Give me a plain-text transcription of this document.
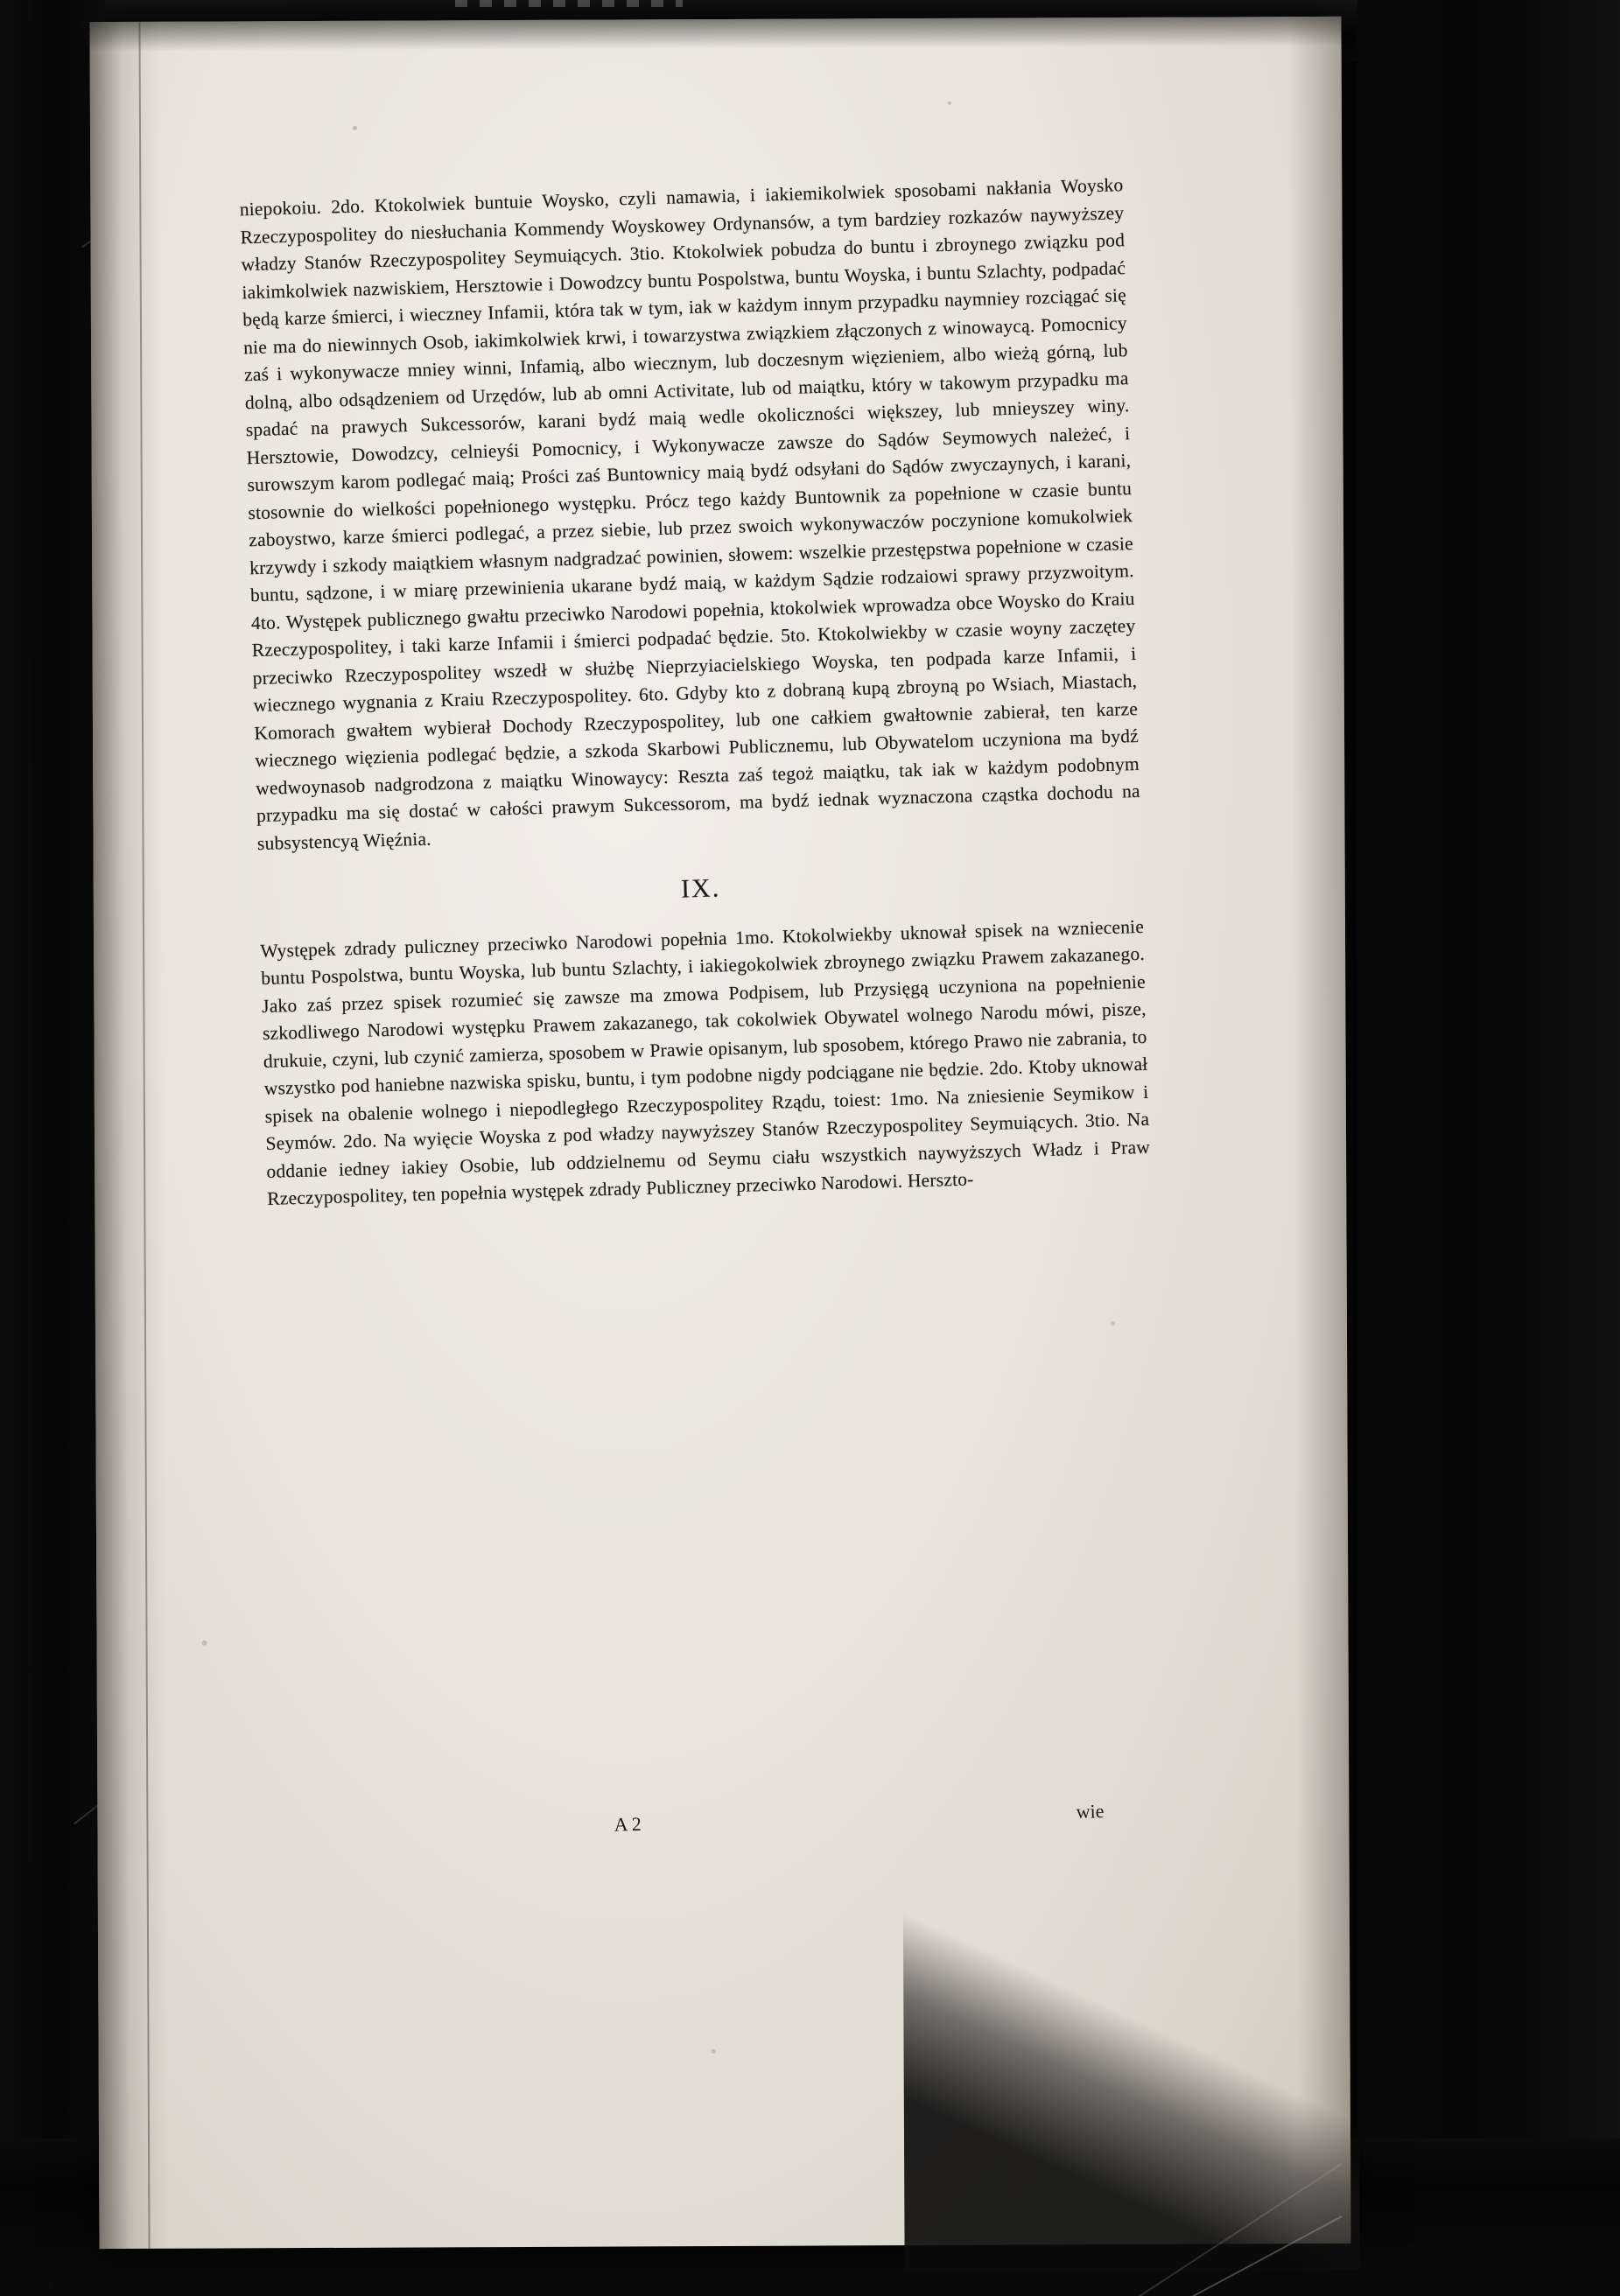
niepokoiu. 2do. Ktokolwiek buntuie Woysko, czyli namawia, i iakiemikolwiek sposobami nakłania Woysko Rzeczypospolitey do niesłuchania Kommendy Woyskowey Ordynansów, a tym bardziey rozkazów naywyższey władzy Stanów Rzeczypospolitey Seymuiących. 3tio. Ktokolwiek pobudza do buntu i zbroynego związku pod iakimkolwiek nazwiskiem, Hersztowie i Dowodzcy buntu Pospolstwa, buntu Woyska, i buntu Szlachty, podpadać będą karze śmierci, i wieczney Infamii, która tak w tym, iak w każdym innym przypadku naymniey rozciągać się nie ma do niewinnych Osob, iakimkolwiek krwi, i towarzystwa związkiem złączonych z winowaycą. Pomocnicy zaś i wykonywacze mniey winni, Infamią, albo wiecznym, lub doczesnym więzieniem, albo wieżą górną, lub dolną, albo odsądzeniem od Urzędów, lub ab omni Activitate, lub od maiątku, który w takowym przypadku ma spadać na prawych Sukcessorów, karani bydź maią wedle okoliczności większey, lub mnieyszey winy. Hersztowie, Dowodzcy, celnieyśi Pomocnicy, i Wykonywacze zawsze do Sądów Seymowych należeć, i surowszym karom podlegać maią; Prości zaś Buntownicy maią bydź odsyłani do Sądów zwyczaynych, i karani, stosownie do wielkości popełnionego występku. Prócz tego każdy Buntownik za popełnione w czasie buntu zaboystwo, karze śmierci podlegać, a przez siebie, lub przez swoich wykonywaczów poczynione komukolwiek krzywdy i szkody maiątkiem własnym nadgradzać powinien, słowem: wszelkie przestępstwa popełnione w czasie buntu, sądzone, i w miarę przewinienia ukarane bydź maią, w każdym Sądzie rodzaiowi sprawy przyzwoitym. 4to. Występek publicznego gwałtu przeciwko Narodowi popełnia, ktokolwiek wprowadza obce Woysko do Kraiu Rzeczypospolitey, i taki karze Infamii i śmierci podpadać będzie. 5to. Ktokolwiekby w czasie woyny zaczętey przeciwko Rzeczypospolitey wszedł w służbę Nieprzyiacielskiego Woyska, ten podpada karze Infamii, i wiecznego wygnania z Kraiu Rzeczypospolitey. 6to. Gdyby kto z dobraną kupą zbroyną po Wsiach, Miastach, Komorach gwałtem wybierał Dochody Rzeczypospolitey, lub one całkiem gwałtownie zabierał, ten karze wiecznego więzienia podlegać będzie, a szkoda Skarbowi Publicznemu, lub Obywatelom uczyniona ma bydź wedwoynasob nadgrodzona z maiątku Winowaycy: Reszta zaś tegoż maiątku, tak iak w każdym podobnym przypadku ma się dostać w całości prawym Sukcessorom, ma bydź iednak wyznaczona cząstka dochodu na subsystencyą Więźnia.

IX.

Występek zdrady puliczney przeciwko Narodowi popełnia 1mo. Ktokolwiekby uknował spisek na wzniecenie buntu Pospolstwa, buntu Woyska, lub buntu Szlachty, i iakiegokolwiek zbroynego związku Prawem zakazanego. Jako zaś przez spisek rozumieć się zawsze ma zmowa Podpisem, lub Przysięgą uczyniona na popełnienie szkodliwego Narodowi występku Prawem zakazanego, tak cokolwiek Obywatel wolnego Narodu mówi, pisze, drukuie, czyni, lub czynić zamierza, sposobem w Prawie opisanym, lub sposobem, którego Prawo nie zabrania, to wszystko pod haniebne nazwiska spisku, buntu, i tym podobne nigdy podciągane nie będzie. 2do. Ktoby uknował spisek na obalenie wolnego i niepodległego Rzeczypospolitey Rządu, toiest: 1mo. Na zniesienie Seymikow i Seymów. 2do. Na wyięcie Woyska z pod władzy naywyższey Stanów Rzeczypospolitey Seymuiących. 3tio. Na oddanie iedney iakiey Osobie, lub oddzielnemu od Seymu ciału wszystkich naywyższych Władz i Praw Rzeczypospolitey, ten popełnia występek zdrady Publiczney przeciwko Narodowi. Herszto-

A 2
wie
